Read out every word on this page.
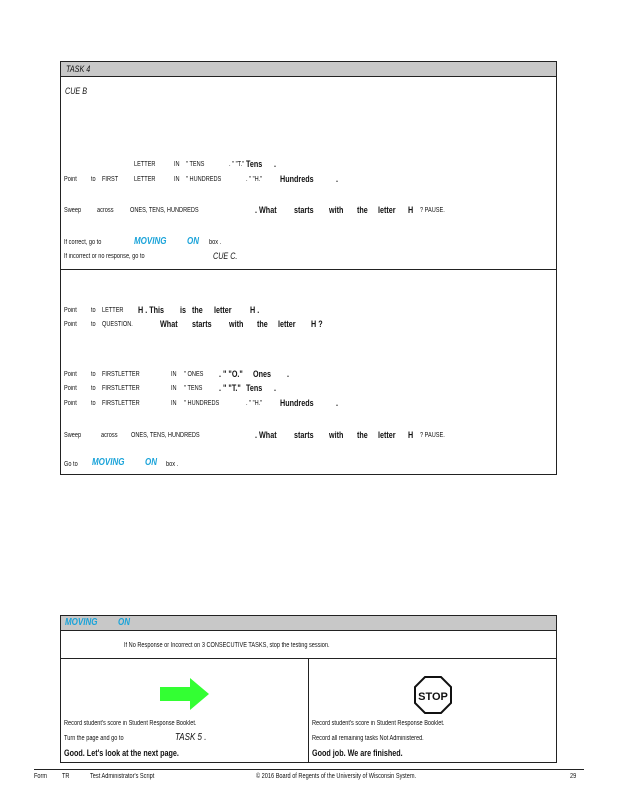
TASK 4
CUE B
LETTER	IN " TENS	. " "T." Tens .
Point to FIRST LETTER	IN " HUNDREDS	. " "H." Hundreds .
Sweep across ONES, TENS, HUNDREDS	. What starts with the letter H ? PAUSE.
If correct, go to	MOVING ON box .
If incorrect or no response, go to	CUE C.
Point to LETTER H . This is the letter H .
Point to QUESTION.	What starts with the letter H ?
Point to FIRSTLETTER	IN " ONES . " "O." Ones .
Point to FIRSTLETTER	IN " TENS . " "T." Tens .
Point to FIRSTLETTER	IN " HUNDREDS	. " "H." Hundreds .
Sweep	across ONES, TENS, HUNDREDS	. What starts with the letter H ? PAUSE.
Go to MOVING ON box .
MOVING ON
If No Response or Incorrect on 3 CONSECUTIVE TASKS, stop the testing session.
Record student's score in Student Response Booklet.
Turn the page and go to	TASK 5 .
Good. Let's look at the next page.
STOP
Record student's score in Student Response Booklet.
Record all remaining tasks Not Administered.
Good job. We are finished.
Form TR	Test Administrator's Script	© 2016 Board of Regents of the University of Wisconsin System.	29
